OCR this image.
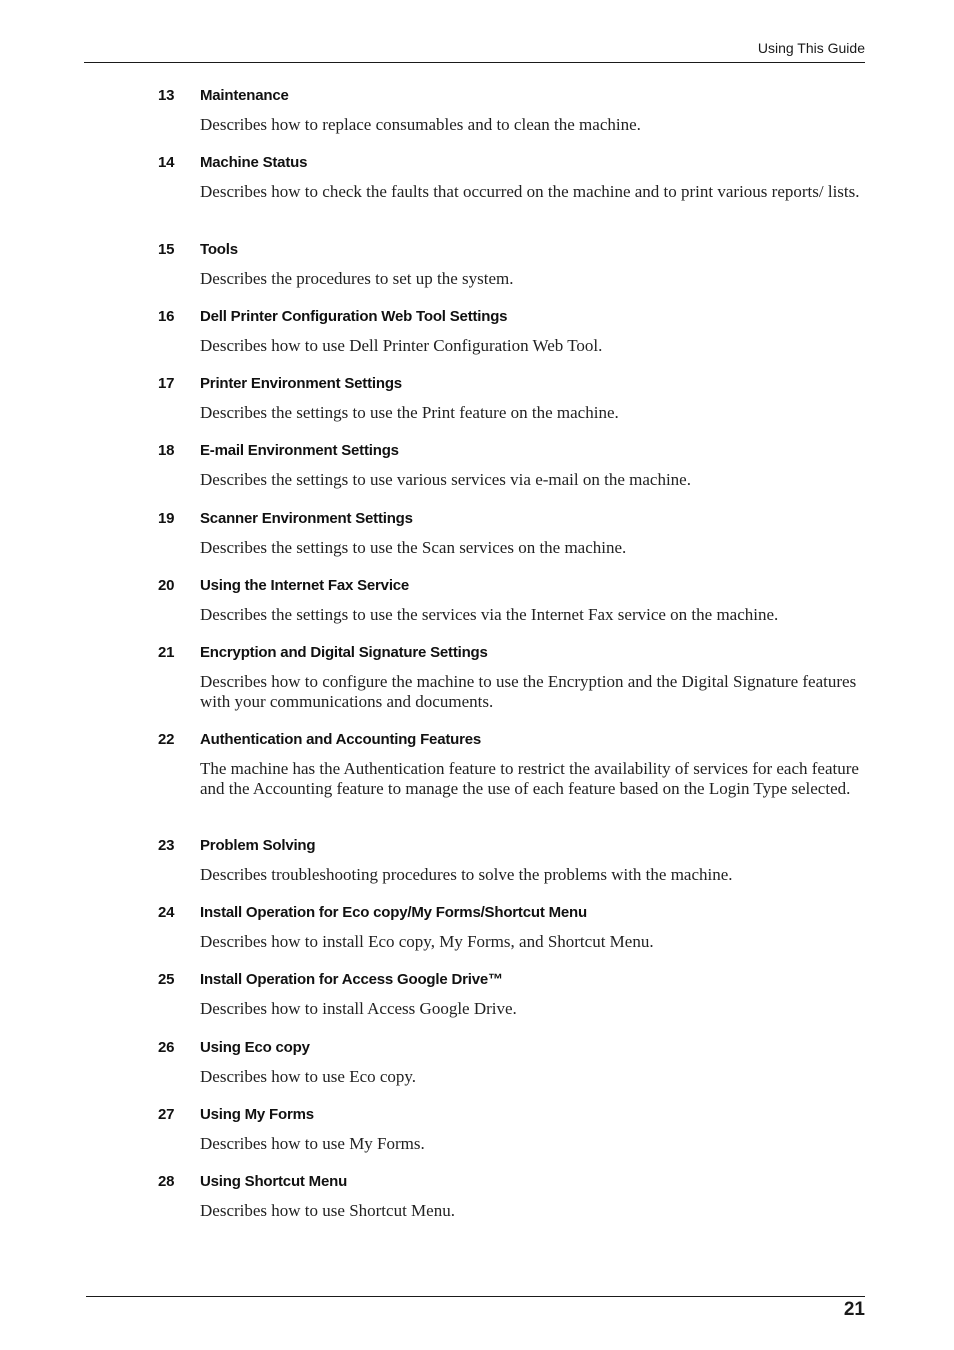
Using This Guide
13	Maintenance
Describes how to replace consumables and to clean the machine.
14	Machine Status
Describes how to check the faults that occurred on the machine and to print various reports/ lists.
15	Tools
Describes the procedures to set up the system.
16	Dell Printer Configuration Web Tool Settings
Describes how to use Dell Printer Configuration Web Tool.
17	Printer Environment Settings
Describes the settings to use the Print feature on the machine.
18	E-mail Environment Settings
Describes the settings to use various services via e-mail on the machine.
19	Scanner Environment Settings
Describes the settings to use the Scan services on the machine.
20	Using the Internet Fax Service
Describes the settings to use the services via the Internet Fax service on the machine.
21	Encryption and Digital Signature Settings
Describes how to configure the machine to use the Encryption and the Digital Signature features with your communications and documents.
22	Authentication and Accounting Features
The machine has the Authentication feature to restrict the availability of services for each feature and the Accounting feature to manage the use of each feature based on the Login Type selected.
23	Problem Solving
Describes troubleshooting procedures to solve the problems with the machine.
24	Install Operation for Eco copy/My Forms/Shortcut Menu
Describes how to install Eco copy, My Forms, and Shortcut Menu.
25	Install Operation for Access Google Drive™
Describes how to install Access Google Drive.
26	Using Eco copy
Describes how to use Eco copy.
27	Using My Forms
Describes how to use My Forms.
28	Using Shortcut Menu
Describes how to use Shortcut Menu.
21
